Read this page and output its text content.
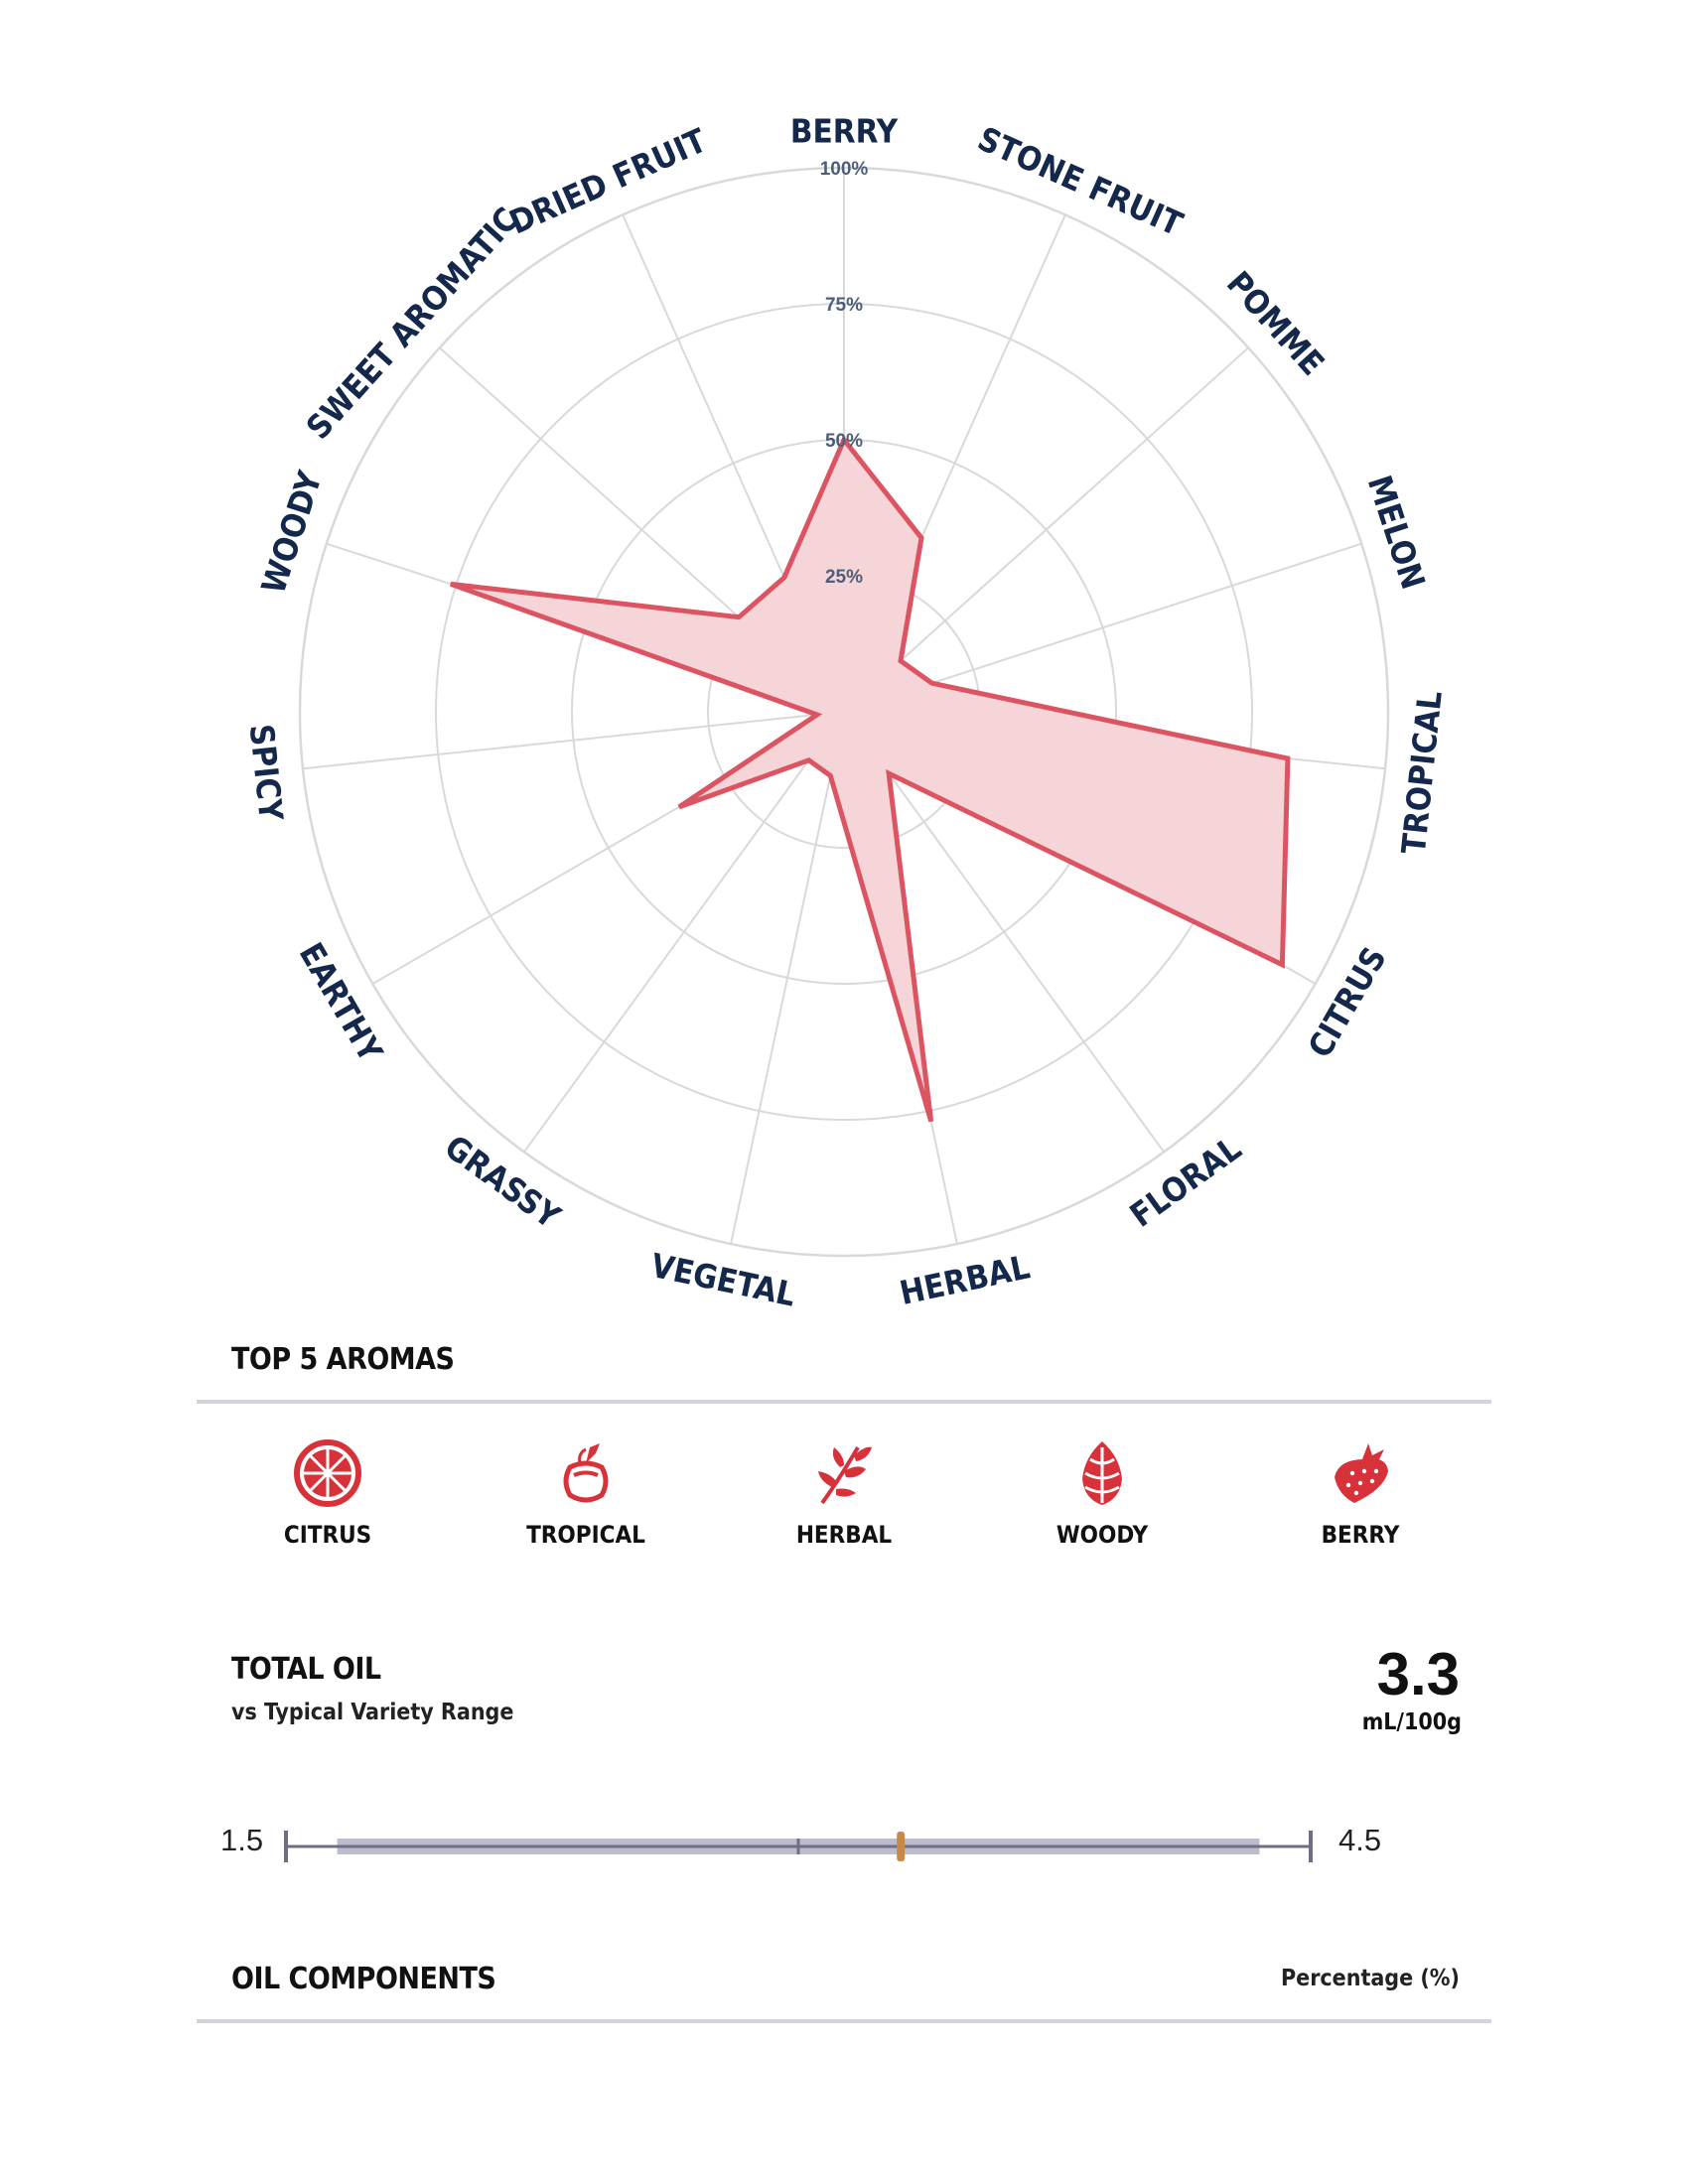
25%
50%
75%
100%
BERRY STONE FRUIT
POMME
MELON
TROPICAL
CITRUS
FLORAL
HERBAL
VEGETAL
GRASSY
EARTHY
SPICY
WOODY
SWEET AROMATIC
DRIED FRUIT
TOP 5 AROMAS
CITRUS	TROPICAL	HERBAL	WOODY	BERRY
TOTAL OIL
vs Typical Variety Range
3.3
mL/100g
1.5	4.5
OIL COMPONENTS	Percentage (%)
